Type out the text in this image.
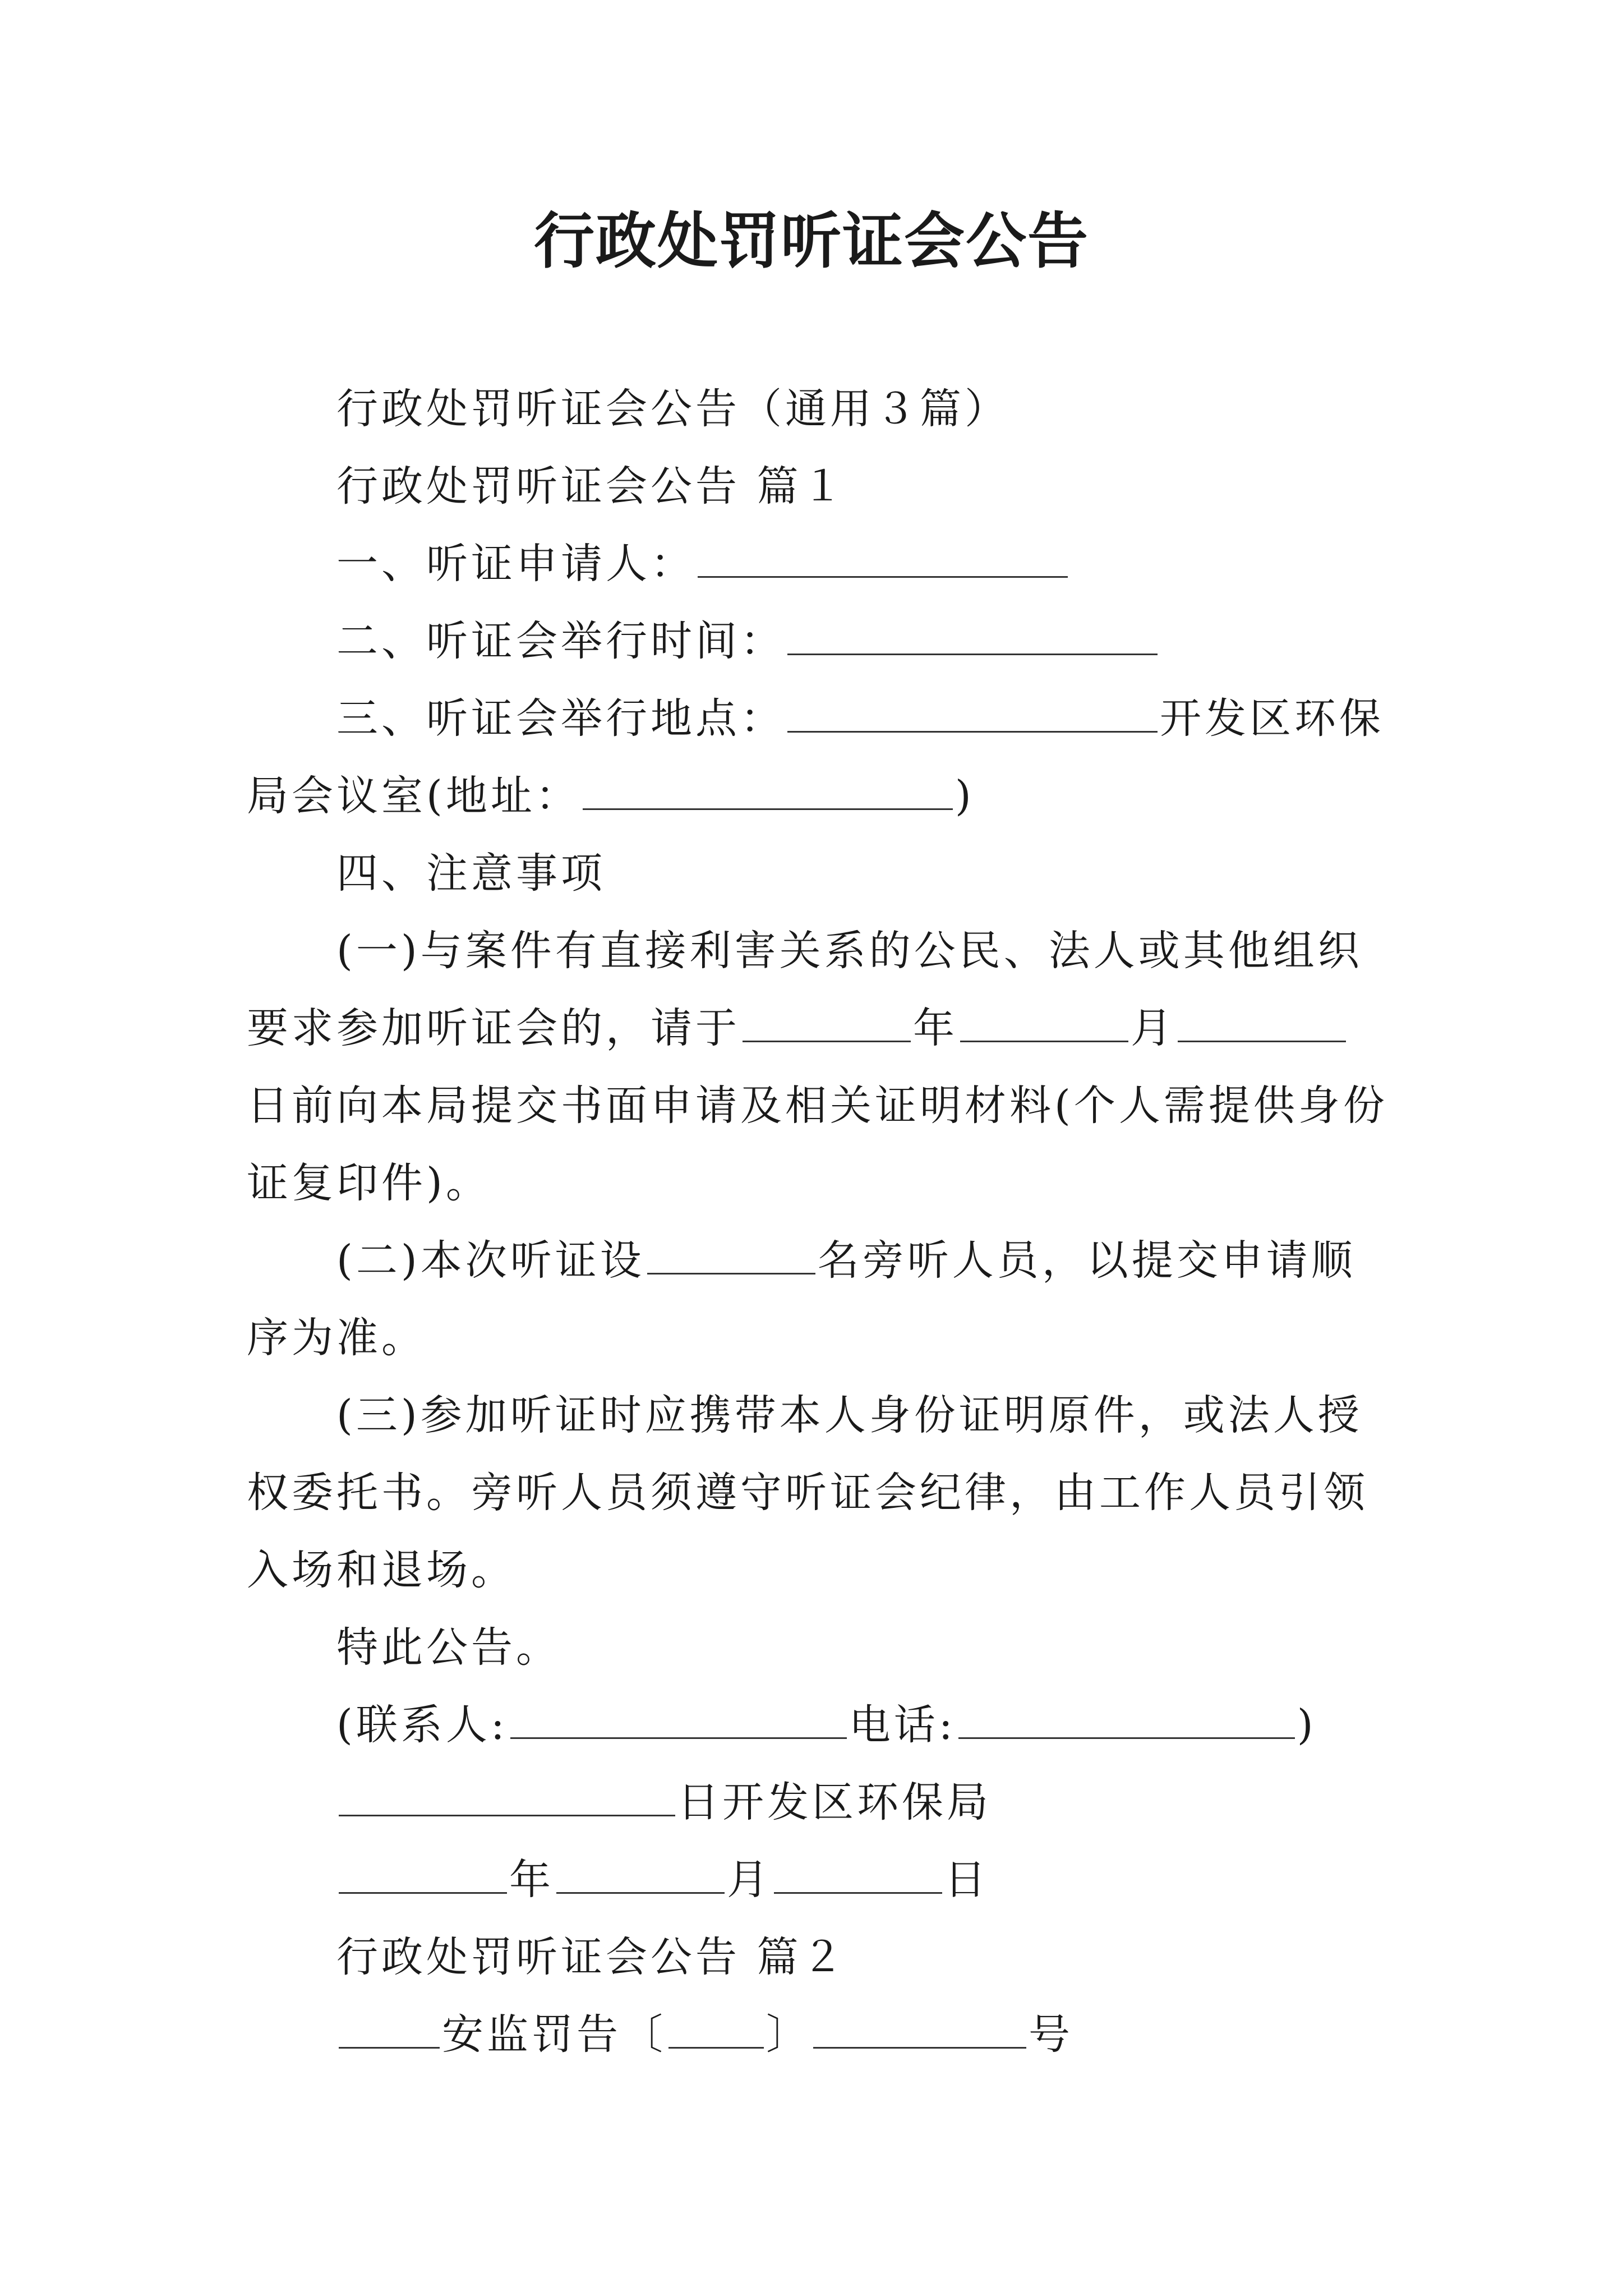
行政处罚听证会公告

行政处罚听证会公告（通用３篇）

行政处罚听证会公告 篇１

一、听证申请人：

二、听证会举行时间：

三、听证会举行地点：	开发区环保局会议室(地址：	)

四、注意事项

(一)与案件有直接利害关系的公民、法人或其他组织要求参加听证会的，请于	年	月日前向本局提交书面申请及相关证明材料(个人需提供身份证复印件)。

(二)本次听证设	名旁听人员，以提交申请顺序为准。

(三)参加听证时应携带本人身份证明原件，或法人授权委托书。旁听人员须遵守听证会纪律，由工作人员引领入场和退场。

特此公告。

(联系人:	电话:	)

日开发区环保局

年	月	日

行政处罚听证会公告 篇２

安监罚告〔 〕	号
